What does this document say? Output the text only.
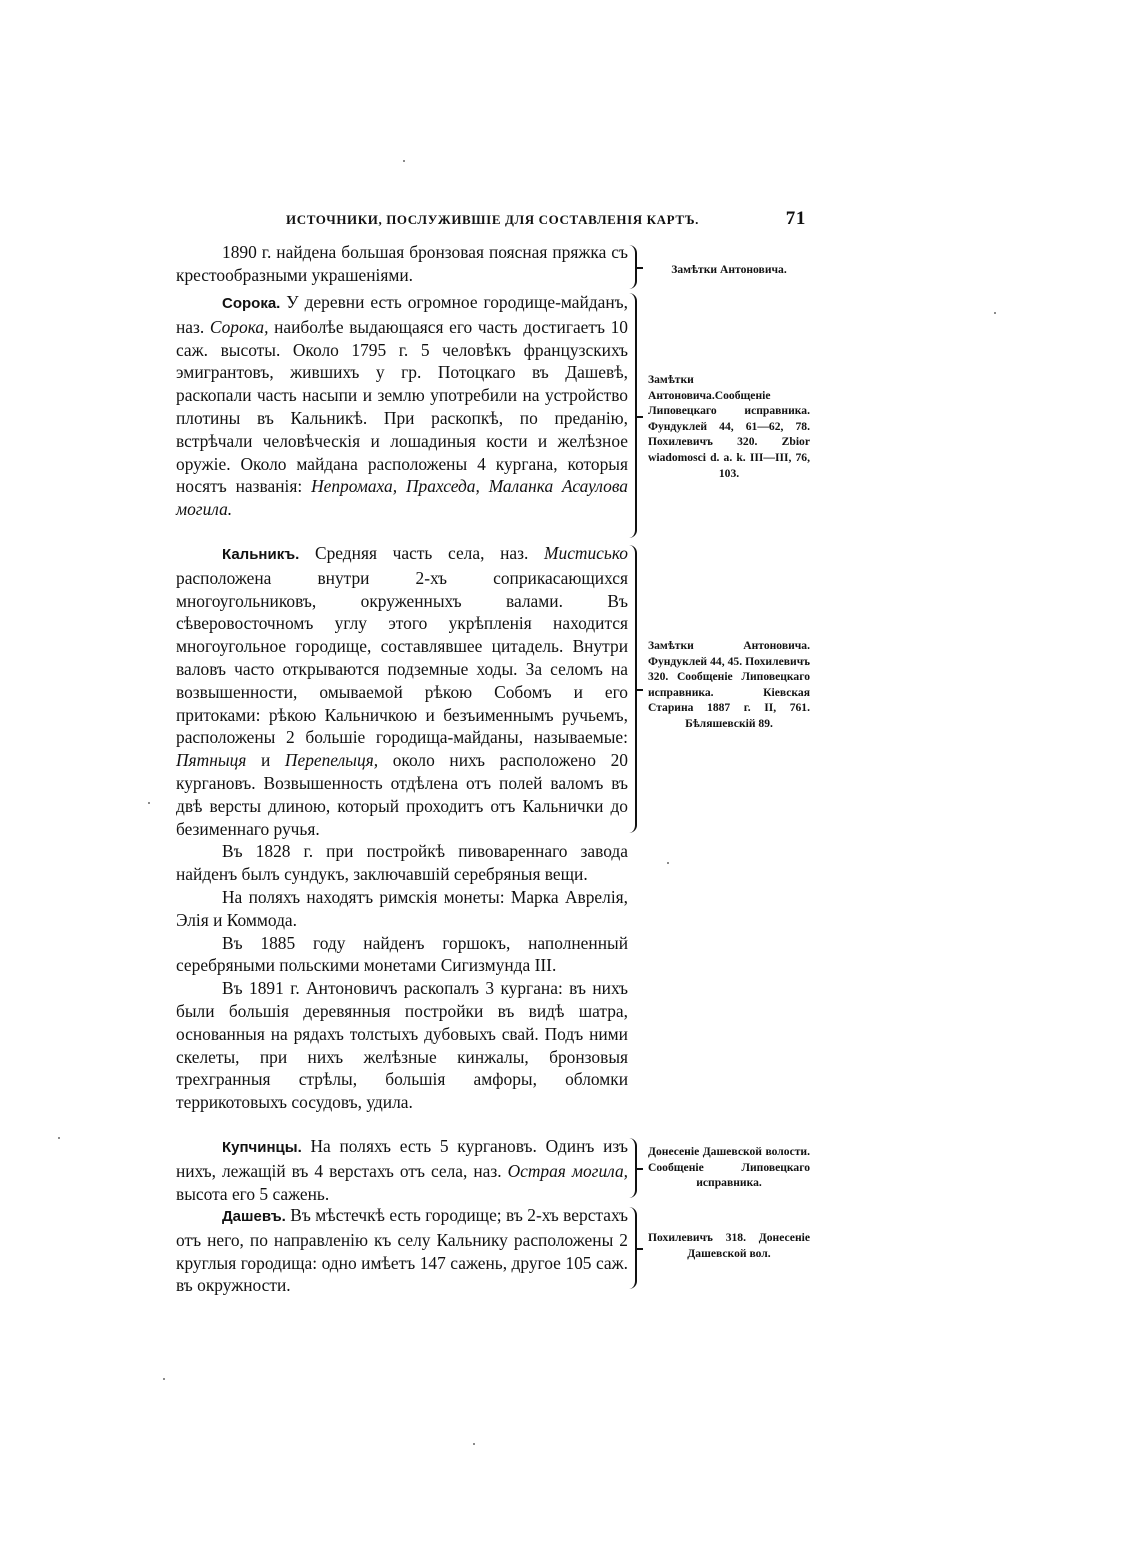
ИСТОЧНИКИ, ПОСЛУЖИВШІЕ ДЛЯ СОСТАВЛЕНІЯ КАРТЪ.	71

1890 г. найдена большая бронзовая поясная пряжка съ крестообразными украшеніями.	Замѣтки Антоновича.

Сорока. У деревни есть огромное городище-майданъ, наз. Сорока, наиболѣе выдающаяся его часть достигаетъ 10 саж. высоты. Около 1795 г. 5 человѣкъ французскихъ эмигрантовъ, жившихъ у гр. Потоцкаго въ Дашевѣ, раскопали часть насыпи и землю употребили на устройство плотины въ Кальникѣ. При раскопкѣ, по преданію, встрѣчали человѣческія и лошадиныя кости и желѣзное оружіе. Около майдана расположены 4 кургана, которыя носятъ названія: Непромаха, Прахседа, Маланка Асаулова могила.

Замѣтки Антоновича.Сообщеніе Липовецкаго исправника. Фундуклей 44, 61—62, 78. Похилевичъ 320. Zbior wiadomosci d. a. k. III—III, 76, 103.

Кальникъ. Средняя часть села, наз. Мистисько расположена внутри 2-хъ соприкасающихся многоугольниковъ, окруженныхъ валами. Въ сѣверовосточномъ углу этого укрѣпленія находится многоугольное городище, составлявшее цитадель. Внутри валовъ часто открываются подземные ходы. За селомъ на возвышенности, омываемой рѣкою Собомъ и его притоками: рѣкою Кальничкою и безъименнымъ ручьемъ, расположены 2 большіе городища-майданы, называемые: Пятныця и Перепелыця, около нихъ расположено 20 кургановъ. Возвышенность отдѣлена отъ полей валомъ въ двѣ версты длиною, который проходитъ отъ Кальнички до безименнаго ручья.

Въ 1828 г. при постройкѣ пивовареннаго завода найденъ былъ сундукъ, заключавшій серебряныя вещи.

На поляхъ находятъ римскія монеты: Марка Аврелія, Элія и Коммода.

Въ 1885 году найденъ горшокъ, наполненный серебряными польскими монетами Сигизмунда III.

Въ 1891 г. Антоновичъ раскопалъ 3 кургана: въ нихъ были большія деревянныя постройки въ видѣ шатра, основанныя на рядахъ толстыхъ дубовыхъ свай. Подъ ними скелеты, при нихъ желѣзные кинжалы, бронзовыя трехгранныя стрѣлы, большія амфоры, обломки террикотовыхъ сосудовъ, удила.

Замѣтки Антоновича. Фундуклей 44, 45. Похилевичъ 320. Сообщеніе Липовецкаго исправника. Кіевская Старина 1887 г. II, 761. Бѣляшевскій 89.

Купчинцы. На поляхъ есть 5 кургановъ. Одинъ изъ нихъ, лежащій въ 4 верстахъ отъ села, наз. Острая могила, высота его 5 сажень.

Донесеніе Дашевской волости. Сообщеніе Липовецкаго исправника.

Дашевъ. Въ мѣстечкѣ есть городище; въ 2-хъ верстахъ отъ него, по направленію къ селу Кальнику расположены 2 круглыя городища: одно имѣетъ 147 сажень, другое 105 саж. въ окружности.

Похилевичъ 318. Донесеніе Дашевской вол.
